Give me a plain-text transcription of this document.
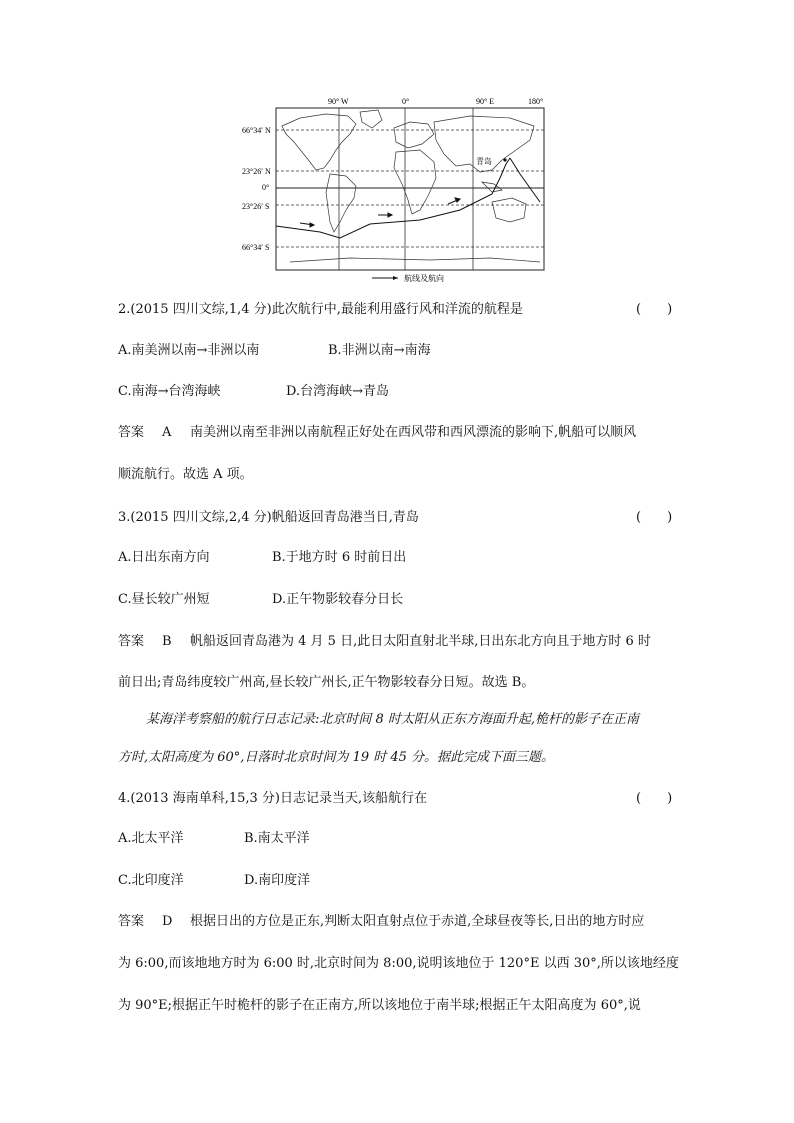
90° W	0°	90° E	180°
66°34′ N
23°26′ N
0°
23°26′ S
66°34′ S
青岛
航线及航向
2.(2015 四川文综,1,4 分)此次航行中,最能利用盛行风和洋流的航程是	(　　)
A.南美洲以南→非洲以南	B.非洲以南→南海
C.南海→台湾海峡	D.台湾海峡→青岛
答案 A 南美洲以南至非洲以南航程正好处在西风带和西风漂流的影响下,帆船可以顺风
顺流航行。故选 A 项。
3.(2015 四川文综,2,4 分)帆船返回青岛港当日,青岛	(　　)
A.日出东南方向	B.于地方时 6 时前日出
C.昼长较广州短	D.正午物影较春分日长
答案 B 帆船返回青岛港为 4 月 5 日,此日太阳直射北半球,日出东北方向且于地方时 6 时
前日出;青岛纬度较广州高,昼长较广州长,正午物影较春分日短。故选 B。
某海洋考察船的航行日志记录:北京时间 8 时太阳从正东方海面升起,桅杆的影子在正南
方时,太阳高度为 60°,日落时北京时间为 19 时 45 分。据此完成下面三题。
4.(2013 海南单科,15,3 分)日志记录当天,该船航行在	(　　)
A.北太平洋	B.南太平洋
C.北印度洋	D.南印度洋
答案 D 根据日出的方位是正东,判断太阳直射点位于赤道,全球昼夜等长,日出的地方时应
为 6:00,而该地地方时为 6:00 时,北京时间为 8:00,说明该地位于 120°E 以西 30°,所以该地经度
为 90°E;根据正午时桅杆的影子在正南方,所以该地位于南半球;根据正午太阳高度为 60°,说
